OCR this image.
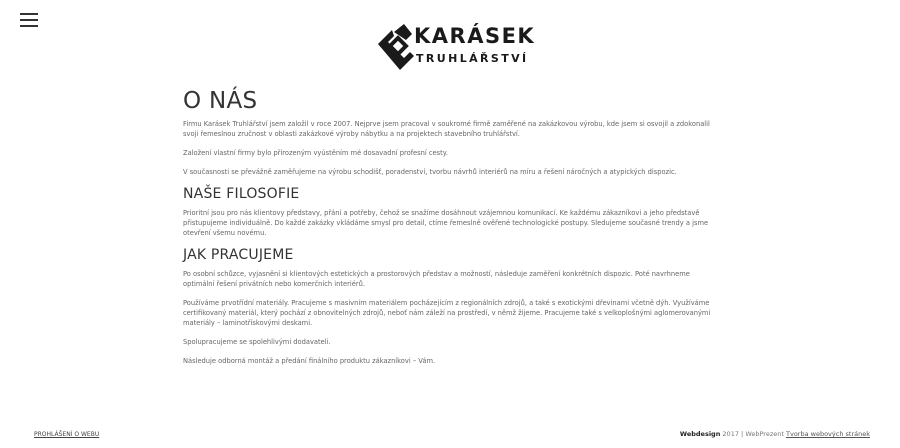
KARÁSEK
TRUHLÁŘSTVÍ
O NÁS

Firmu Karásek Truhlářství jsem založil v roce 2007. Nejprve jsem pracoval v soukromé firmě zaměřené na zakázkovou výrobu, kde jsem si osvojil a zdokonalil svoji řemeslnou zručnost v oblasti zakázkové výroby nábytku a na projektech stavebního truhlářství.

Založení vlastní firmy bylo přirozeným vyústěním mé dosavadní profesní cesty.

V současnosti se převážně zaměřujeme na výrobu schodišť, poradenství, tvorbu návrhů interiérů na míru a řešení náročných a atypických dispozic.

NAŠE FILOSOFIE

Prioritní jsou pro nás klientovy představy, přání a potřeby, čehož se snažíme dosáhnout vzájemnou komunikací. Ke každému zákazníkovi a jeho představě přistupujeme individuálně. Do každé zakázky vkládáme smysl pro detail, ctíme řemeslně ověřené technologické postupy. Sledujeme současné trendy a jsme otevření všemu novému.

JAK PRACUJEME

Po osobní schůzce, vyjasnění si klientových estetických a prostorových představ a možností, následuje zaměření konkrétních dispozic. Poté navrhneme optimální řešení privátních nebo komerčních interiérů.

Používáme prvotřídní materiály. Pracujeme s masivním materiálem pocházejícím z regionálních zdrojů, a také s exotickými dřevinami včetně dýh. Využíváme certifikovaný materiál, který pochází z obnovitelných zdrojů, neboť nám záleží na prostředí, v němž žijeme. Pracujeme také s velkoplošnými aglomerovanými materiály – laminotřískovými deskami.

Spolupracujeme se spolehlivými dodavateli.

Následuje odborná montáž a předání finálního produktu zákazníkovi – Vám.

PROHLÁŠENÍ O WEBU	Webdesign 2017 | WebPrezent Tvorba webových stránek
